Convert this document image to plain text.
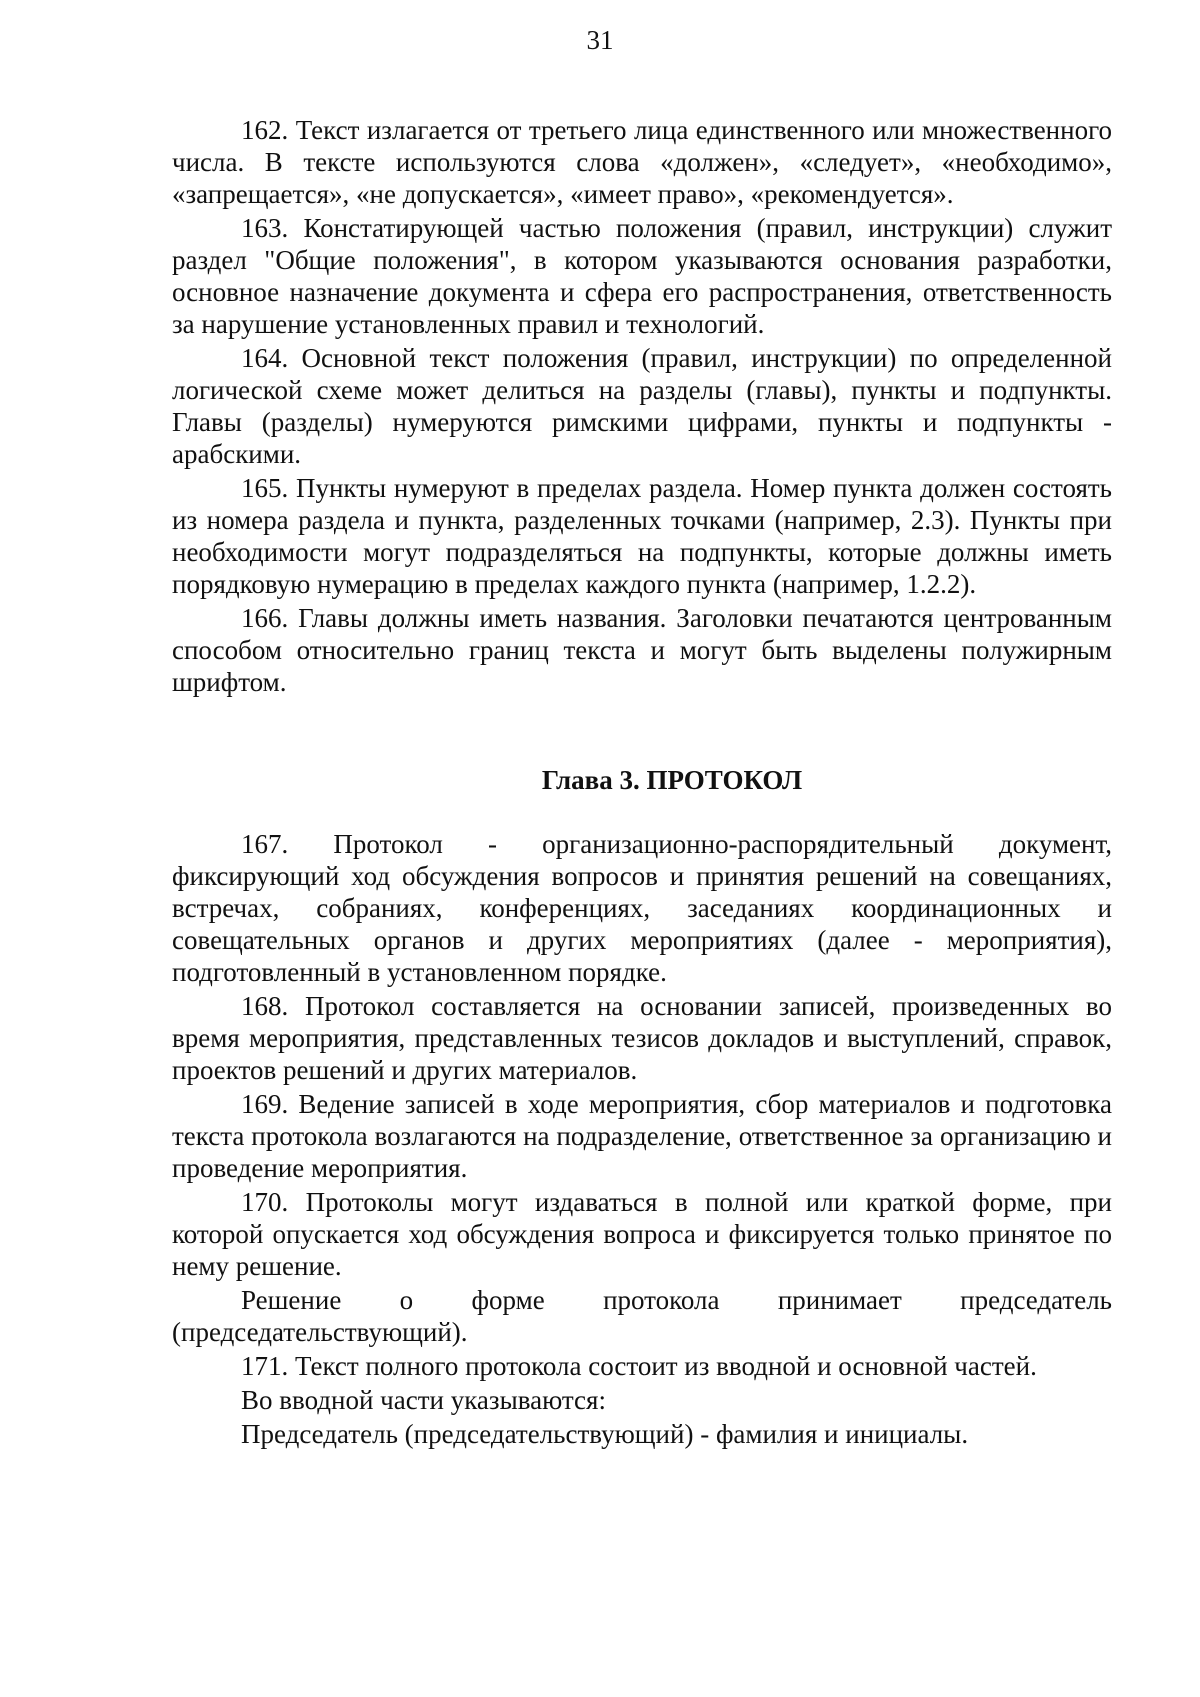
31

162. Текст излагается от третьего лица единственного или множественного числа. В тексте используются слова «должен», «следует», «необходимо», «запрещается», «не допускается», «имеет право», «рекомендуется».

163. Констатирующей частью положения (правил, инструкции) служит раздел "Общие положения", в котором указываются основания разработки, основное назначение документа и сфера его распространения, ответственность за нарушение установленных правил и технологий.

164. Основной текст положения (правил, инструкции) по определенной логической схеме может делиться на разделы (главы), пункты и подпункты. Главы (разделы) нумеруются римскими цифрами, пункты и подпункты - арабскими.

165. Пункты нумеруют в пределах раздела. Номер пункта должен состоять из номера раздела и пункта, разделенных точками (например, 2.3). Пункты при необходимости могут подразделяться на подпункты, которые должны иметь порядковую нумерацию в пределах каждого пункта (например, 1.2.2).

166. Главы должны иметь названия. Заголовки печатаются центрованным способом относительно границ текста и могут быть выделены полужирным шрифтом.

Глава 3. ПРОТОКОЛ

167. Протокол - организационно-распорядительный документ, фиксирующий ход обсуждения вопросов и принятия решений на совещаниях, встречах, собраниях, конференциях, заседаниях координационных и совещательных органов и других мероприятиях (далее - мероприятия), подготовленный в установленном порядке.

168. Протокол составляется на основании записей, произведенных во время мероприятия, представленных тезисов докладов и выступлений, справок, проектов решений и других материалов.

169. Ведение записей в ходе мероприятия, сбор материалов и подготовка текста протокола возлагаются на подразделение, ответственное за организацию и проведение мероприятия.

170. Протоколы могут издаваться в полной или краткой форме, при которой опускается ход обсуждения вопроса и фиксируется только принятое по нему решение.

Решение о форме протокола принимает председатель (председательствующий).

171. Текст полного протокола состоит из вводной и основной частей.

Во вводной части указываются:

Председатель (председательствующий) - фамилия и инициалы.
